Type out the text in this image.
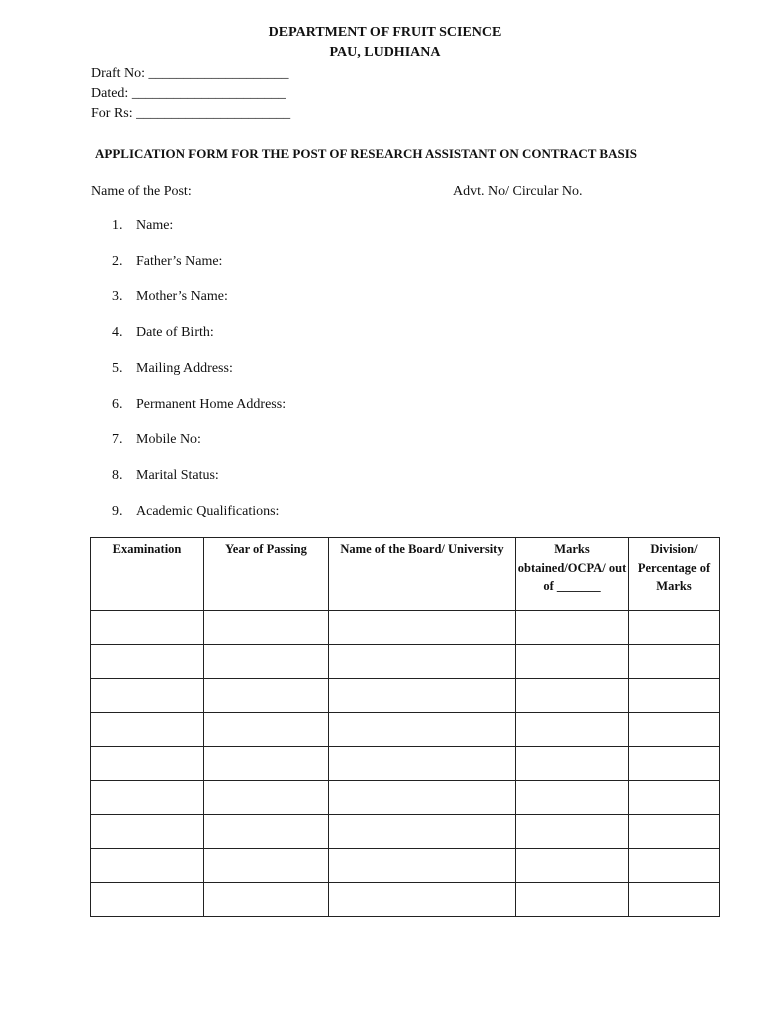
DEPARTMENT OF FRUIT SCIENCE
PAU, LUDHIANA
Draft No: ____________________
Dated: ______________________
For Rs: ______________________
APPLICATION FORM FOR THE POST OF RESEARCH ASSISTANT ON CONTRACT BASIS
Name of the Post:	Advt. No/ Circular No.
1. Name:
2. Father’s Name:
3. Mother’s Name:
4. Date of Birth:
5. Mailing Address:
6. Permanent Home Address:
7. Mobile No:
8. Marital Status:
9. Academic Qualifications:
Examination	Year of Passing	Name of the Board/ University	Marks obtained/OCPA/ out of _______	Division/ Percentage of Marks
